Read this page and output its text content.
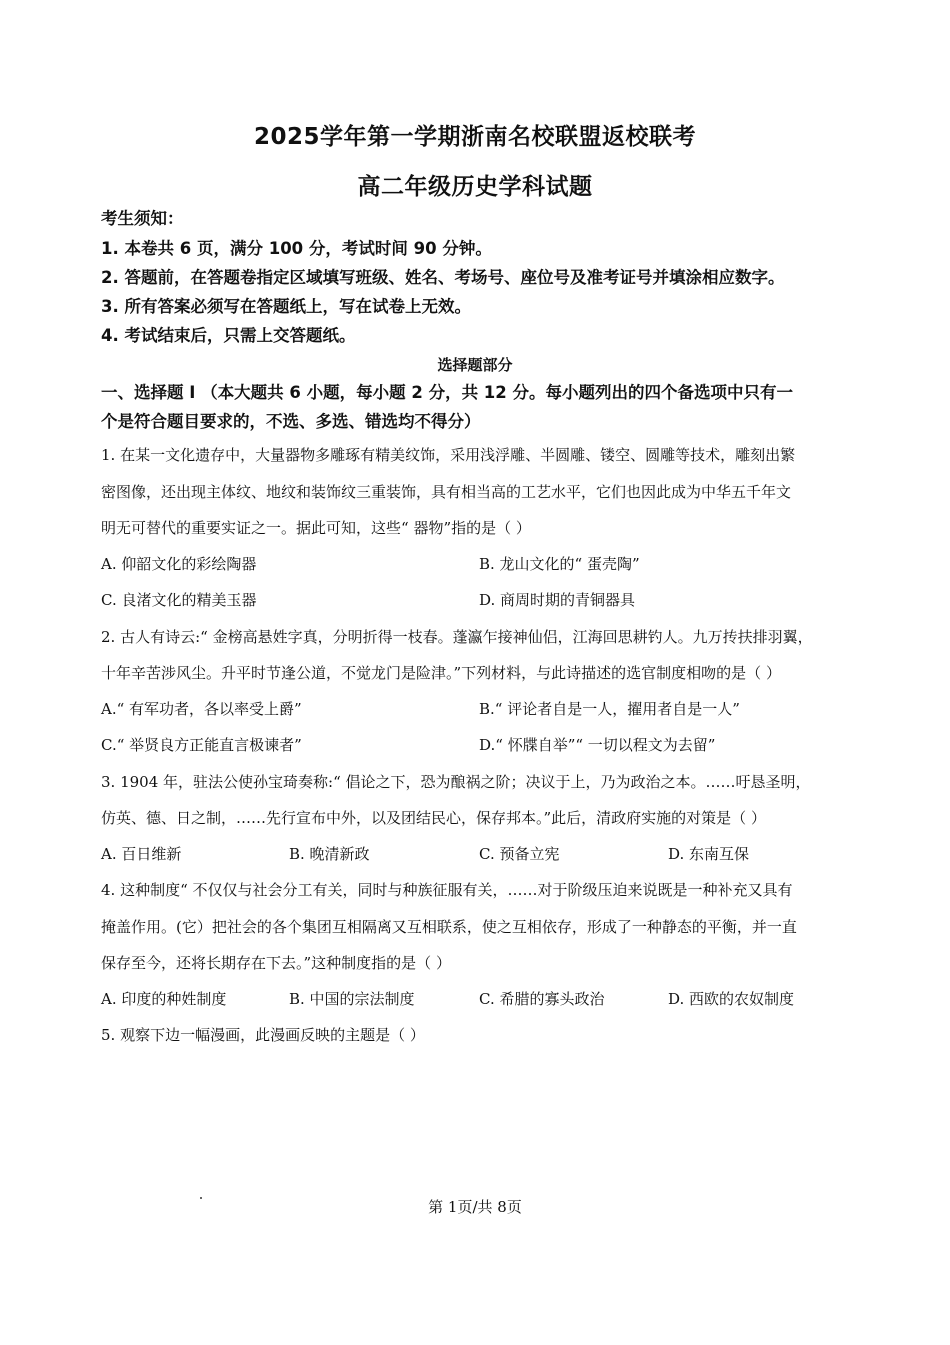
2025学年第一学期浙南名校联盟返校联考
高二年级历史学科试题
考生须知：
1. 本卷共 6 页，满分 100 分，考试时间 90 分钟。
2. 答题前，在答题卷指定区域填写班级、姓名、考场号、座位号及准考证号并填涂相应数字。
3. 所有答案必须写在答题纸上，写在试卷上无效。
4. 考试结束后，只需上交答题纸。
选择题部分
一、选择题 I （本大题共 6 小题，每小题 2 分，共 12 分。每小题列出的四个备选项中只有一
个是符合题目要求的，不选、多选、错选均不得分）
1. 在某一文化遗存中，大量器物多雕琢有精美纹饰，采用浅浮雕、半圆雕、镂空、圆雕等技术，雕刻出繁
密图像，还出现主体纹、地纹和装饰纹三重装饰，具有相当高的工艺水平，它们也因此成为中华五千年文
明无可替代的重要实证之一。据此可知，这些“ 器物”指的是（ ）
A. 仰韶文化的彩绘陶器	B. 龙山文化的“ 蛋壳陶”
C. 良渚文化的精美玉器	D. 商周时期的青铜器具
2. 古人有诗云:“ 金榜高悬姓字真，分明折得一枝春。蓬瀛乍接神仙侣，江海回思耕钓人。九万抟扶排羽翼，
十年辛苦涉风尘。升平时节逢公道，不觉龙门是险津。”下列材料，与此诗描述的选官制度相吻的是（ ）
A.“ 有军功者，各以率受上爵”	B.“ 评论者自是一人，擢用者自是一人”
C.“ 举贤良方正能直言极谏者”	D.“ 怀牒自举”“ 一切以程文为去留”
3. 1904 年，驻法公使孙宝琦奏称:“ 倡论之下，恐为酿祸之阶；决议于上，乃为政治之本。……吁恳圣明，
仿英、德、日之制，……先行宣布中外，以及团结民心，保存邦本。”此后，清政府实施的对策是（ ）
A. 百日维新	B. 晚清新政	C. 预备立宪	D. 东南互保
4. 这种制度“ 不仅仅与社会分工有关，同时与种族征服有关，……对于阶级压迫来说既是一种补充又具有
掩盖作用。(它）把社会的各个集团互相隔离又互相联系，使之互相依存，形成了一种静态的平衡，并一直
保存至今，还将长期存在下去。”这种制度指的是（ ）
A. 印度的种姓制度	B. 中国的宗法制度	C. 希腊的寡头政治	D. 西欧的农奴制度
5. 观察下边一幅漫画，此漫画反映的主题是（ ）
第 1页/共 8页
